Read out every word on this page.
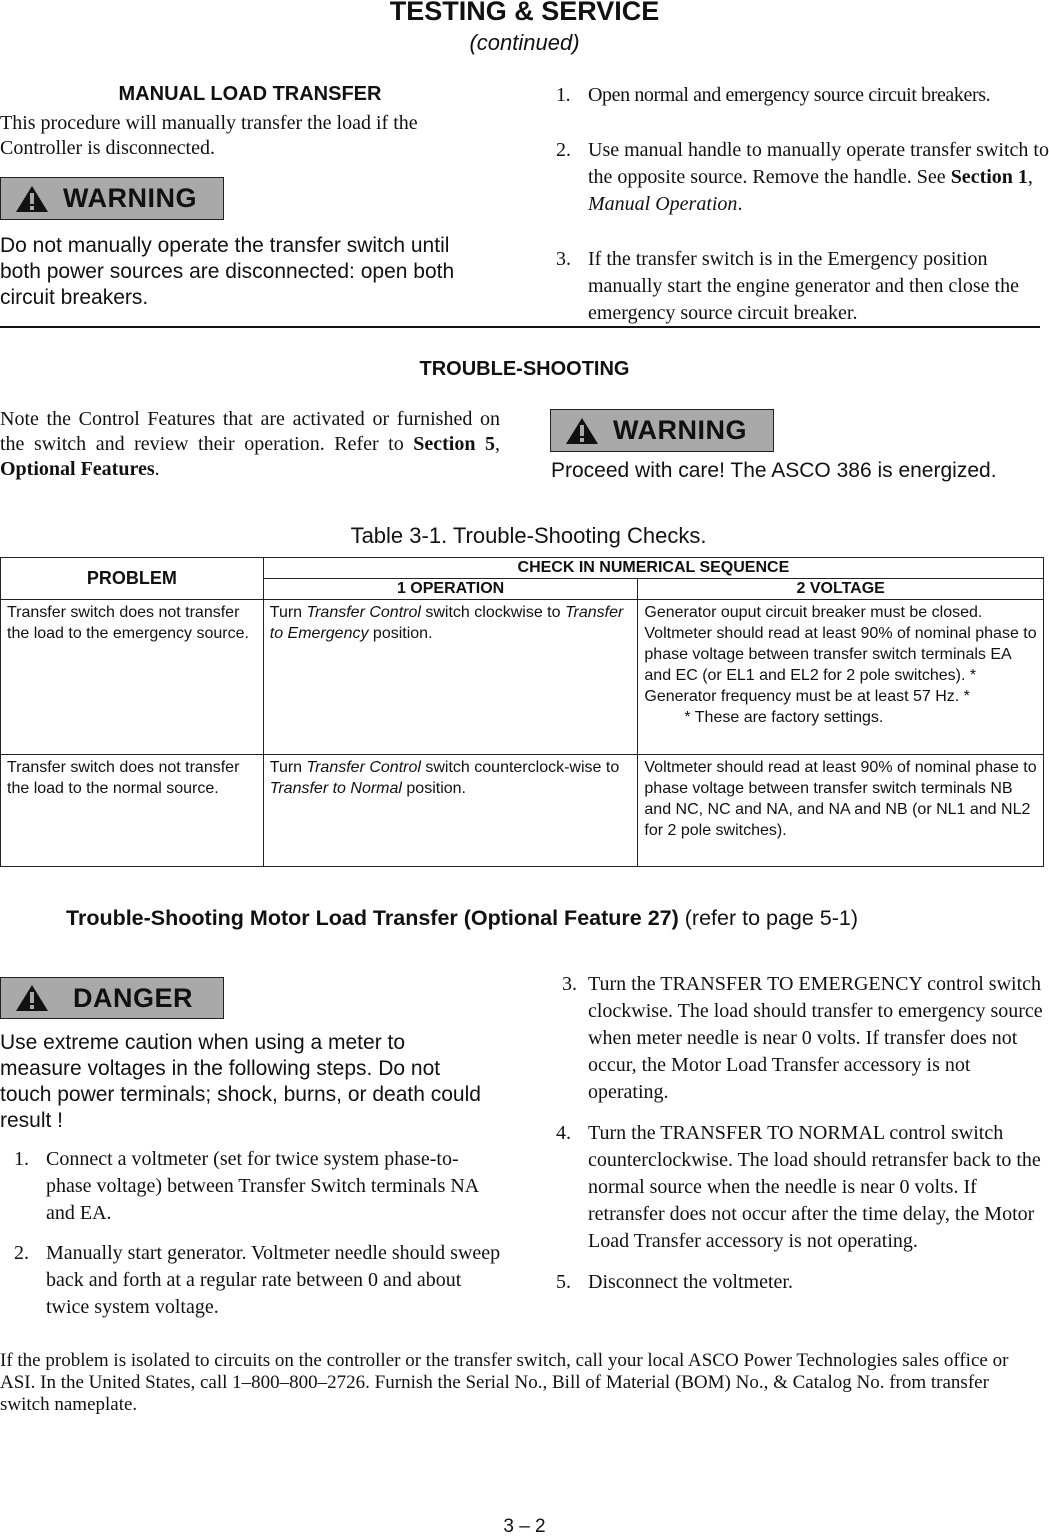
TESTING & SERVICE
(continued)
MANUAL LOAD TRANSFER
This procedure will manually transfer the load if the Controller is disconnected.
WARNING
Do not manually operate the transfer switch until both power sources are disconnected: open both circuit breakers.
1. Open normal and emergency source circuit breakers.
2. Use manual handle to manually operate transfer switch to the opposite source. Remove the handle. See Section 1, Manual Operation.
3. If the transfer switch is in the Emergency position manually start the engine generator and then close the emergency source circuit breaker.
TROUBLE-SHOOTING
Note the Control Features that are activated or furnished on the switch and review their operation. Refer to Section 5, Optional Features.
WARNING
Proceed with care! The ASCO 386 is energized.
Table 3-1. Trouble-Shooting Checks.
PROBLEM	CHECK IN NUMERICAL SEQUENCE	
	1 OPERATION	2 VOLTAGE
Transfer switch does not transfer the load to the emergency source.	Turn Transfer Control switch clockwise to Transfer to Emergency position.	Generator ouput circuit breaker must be closed. Voltmeter should read at least 90% of nominal phase to phase voltage between transfer switch terminals EA and EC (or EL1 and EL2 for 2 pole switches). * Generator frequency must be at least 57 Hz. *
* These are factory settings.

Transfer switch does not transfer the load to the normal source.	Turn Transfer Control switch counterclock-wise to Transfer to Normal position.	Voltmeter should read at least 90% of nominal phase to phase voltage between transfer switch terminals NB and NC, NC and NA, and NA and NB (or NL1 and NL2 for 2 pole switches).
Trouble-Shooting Motor Load Transfer (Optional Feature 27) (refer to page 5-1)
DANGER
Use extreme caution when using a meter to measure voltages in the following steps. Do not touch power terminals; shock, burns, or death could result !
1. Connect a voltmeter (set for twice system phase-to-phase voltage) between Transfer Switch terminals NA and EA.
2. Manually start generator. Voltmeter needle should sweep back and forth at a regular rate between 0 and about twice system voltage.
3. Turn the TRANSFER TO EMERGENCY control switch clockwise. The load should transfer to emergency source when meter needle is near 0 volts. If transfer does not occur, the Motor Load Transfer accessory is not operating.
4. Turn the TRANSFER TO NORMAL control switch counterclockwise. The load should retransfer back to the normal source when the needle is near 0 volts. If retransfer does not occur after the time delay, the Motor Load Transfer accessory is not operating.
5. Disconnect the voltmeter.
If the problem is isolated to circuits on the controller or the transfer switch, call your local ASCO Power Technologies sales office or ASI. In the United States, call 1–800–800–2726. Furnish the Serial No., Bill of Material (BOM) No., & Catalog No. from transfer switch nameplate.
3 – 2
